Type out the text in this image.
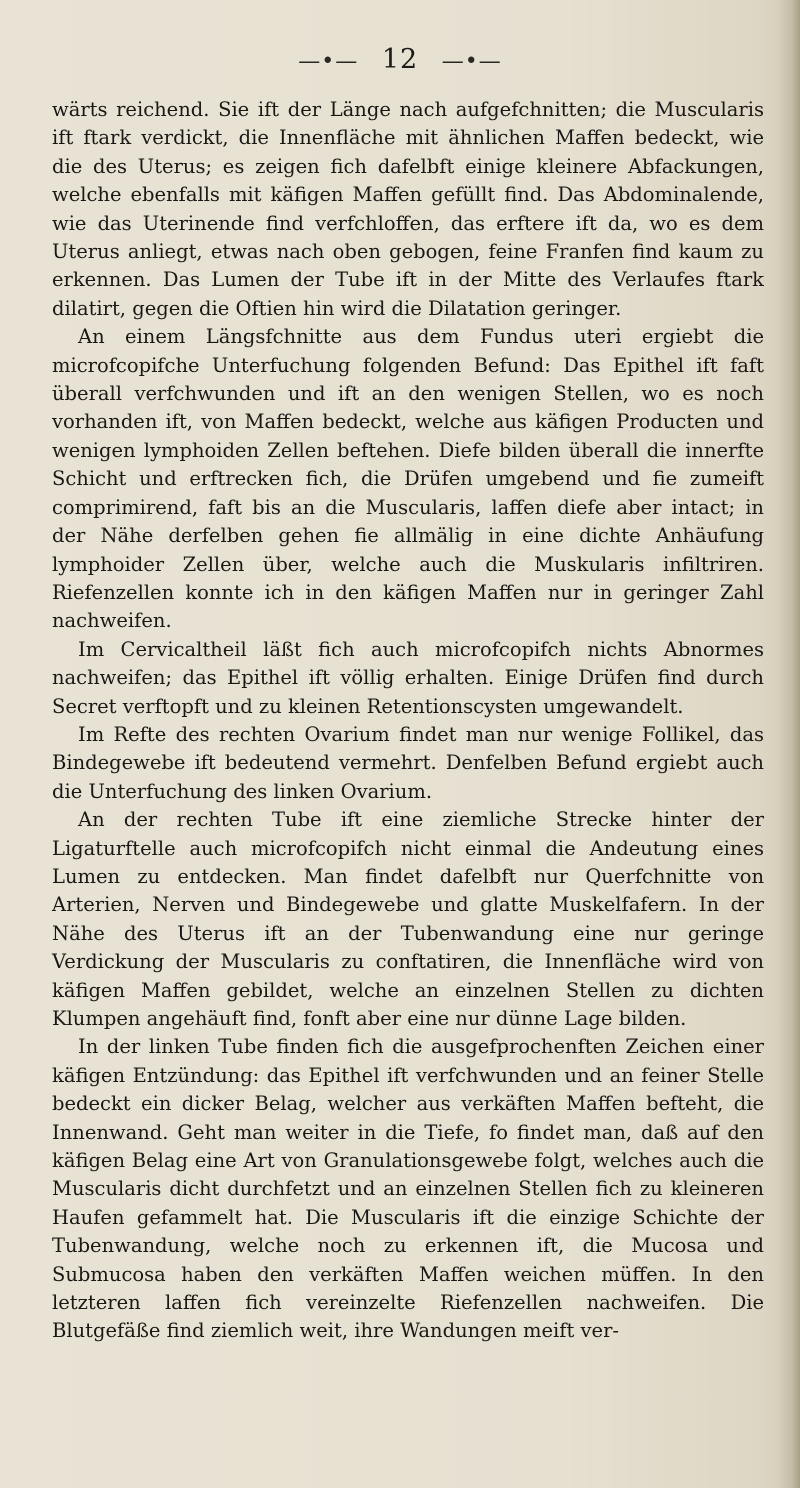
—•— 12 —•—

wärts reichend. Sie ift der Länge nach aufgefchnitten; die Muscularis ift ftark verdickt, die Innenfläche mit ähnlichen Maffen bedeckt, wie die des Uterus; es zeigen fich dafelbft einige kleinere Abfackungen, welche ebenfalls mit käfigen Maffen gefüllt find. Das Abdominalende, wie das Uterinende find verfchloffen, das erftere ift da, wo es dem Uterus anliegt, etwas nach oben gebogen, feine Franfen find kaum zu erkennen. Das Lumen der Tube ift in der Mitte des Verlaufes ftark dilatirt, gegen die Oftien hin wird die Dilatation geringer.

An einem Längsfchnitte aus dem Fundus uteri ergiebt die microfcopifche Unterfuchung folgenden Befund: Das Epithel ift faft überall verfchwunden und ift an den wenigen Stellen, wo es noch vorhanden ift, von Maffen bedeckt, welche aus käfigen Producten und wenigen lymphoiden Zellen beftehen. Diefe bilden überall die innerfte Schicht und erftrecken fich, die Drüfen umgebend und fie zumeift comprimirend, faft bis an die Muscularis, laffen diefe aber intact; in der Nähe derfelben gehen fie allmälig in eine dichte Anhäufung lymphoider Zellen über, welche auch die Muskularis infiltriren. Riefenzellen konnte ich in den käfigen Maffen nur in geringer Zahl nachweifen.

Im Cervicaltheil läßt fich auch microfcopifch nichts Abnormes nachweifen; das Epithel ift völlig erhalten. Einige Drüfen find durch Secret verftopft und zu kleinen Retentionscysten umgewandelt.

Im Refte des rechten Ovarium findet man nur wenige Follikel, das Bindegewebe ift bedeutend vermehrt. Denfelben Befund ergiebt auch die Unterfuchung des linken Ovarium.

An der rechten Tube ift eine ziemliche Strecke hinter der Ligaturftelle auch microfcopifch nicht einmal die Andeutung eines Lumen zu entdecken. Man findet dafelbft nur Querfchnitte von Arterien, Nerven und Bindegewebe und glatte Muskelfafern. In der Nähe des Uterus ift an der Tubenwandung eine nur geringe Verdickung der Muscularis zu conftatiren, die Innenfläche wird von käfigen Maffen gebildet, welche an einzelnen Stellen zu dichten Klumpen angehäuft find, fonft aber eine nur dünne Lage bilden.

In der linken Tube finden fich die ausgefprochenften Zeichen einer käfigen Entzündung: das Epithel ift verfchwunden und an feiner Stelle bedeckt ein dicker Belag, welcher aus verkäften Maffen befteht, die Innenwand. Geht man weiter in die Tiefe, fo findet man, daß auf den käfigen Belag eine Art von Granulationsgewebe folgt, welches auch die Muscularis dicht durchfetzt und an einzelnen Stellen fich zu kleineren Haufen gefammelt hat. Die Muscularis ift die einzige Schichte der Tubenwandung, welche noch zu erkennen ift, die Mucosa und Submucosa haben den verkäften Maffen weichen müffen. In den letzteren laffen fich vereinzelte Riefenzellen nachweifen. Die Blutgefäße find ziemlich weit, ihre Wandungen meift ver-
